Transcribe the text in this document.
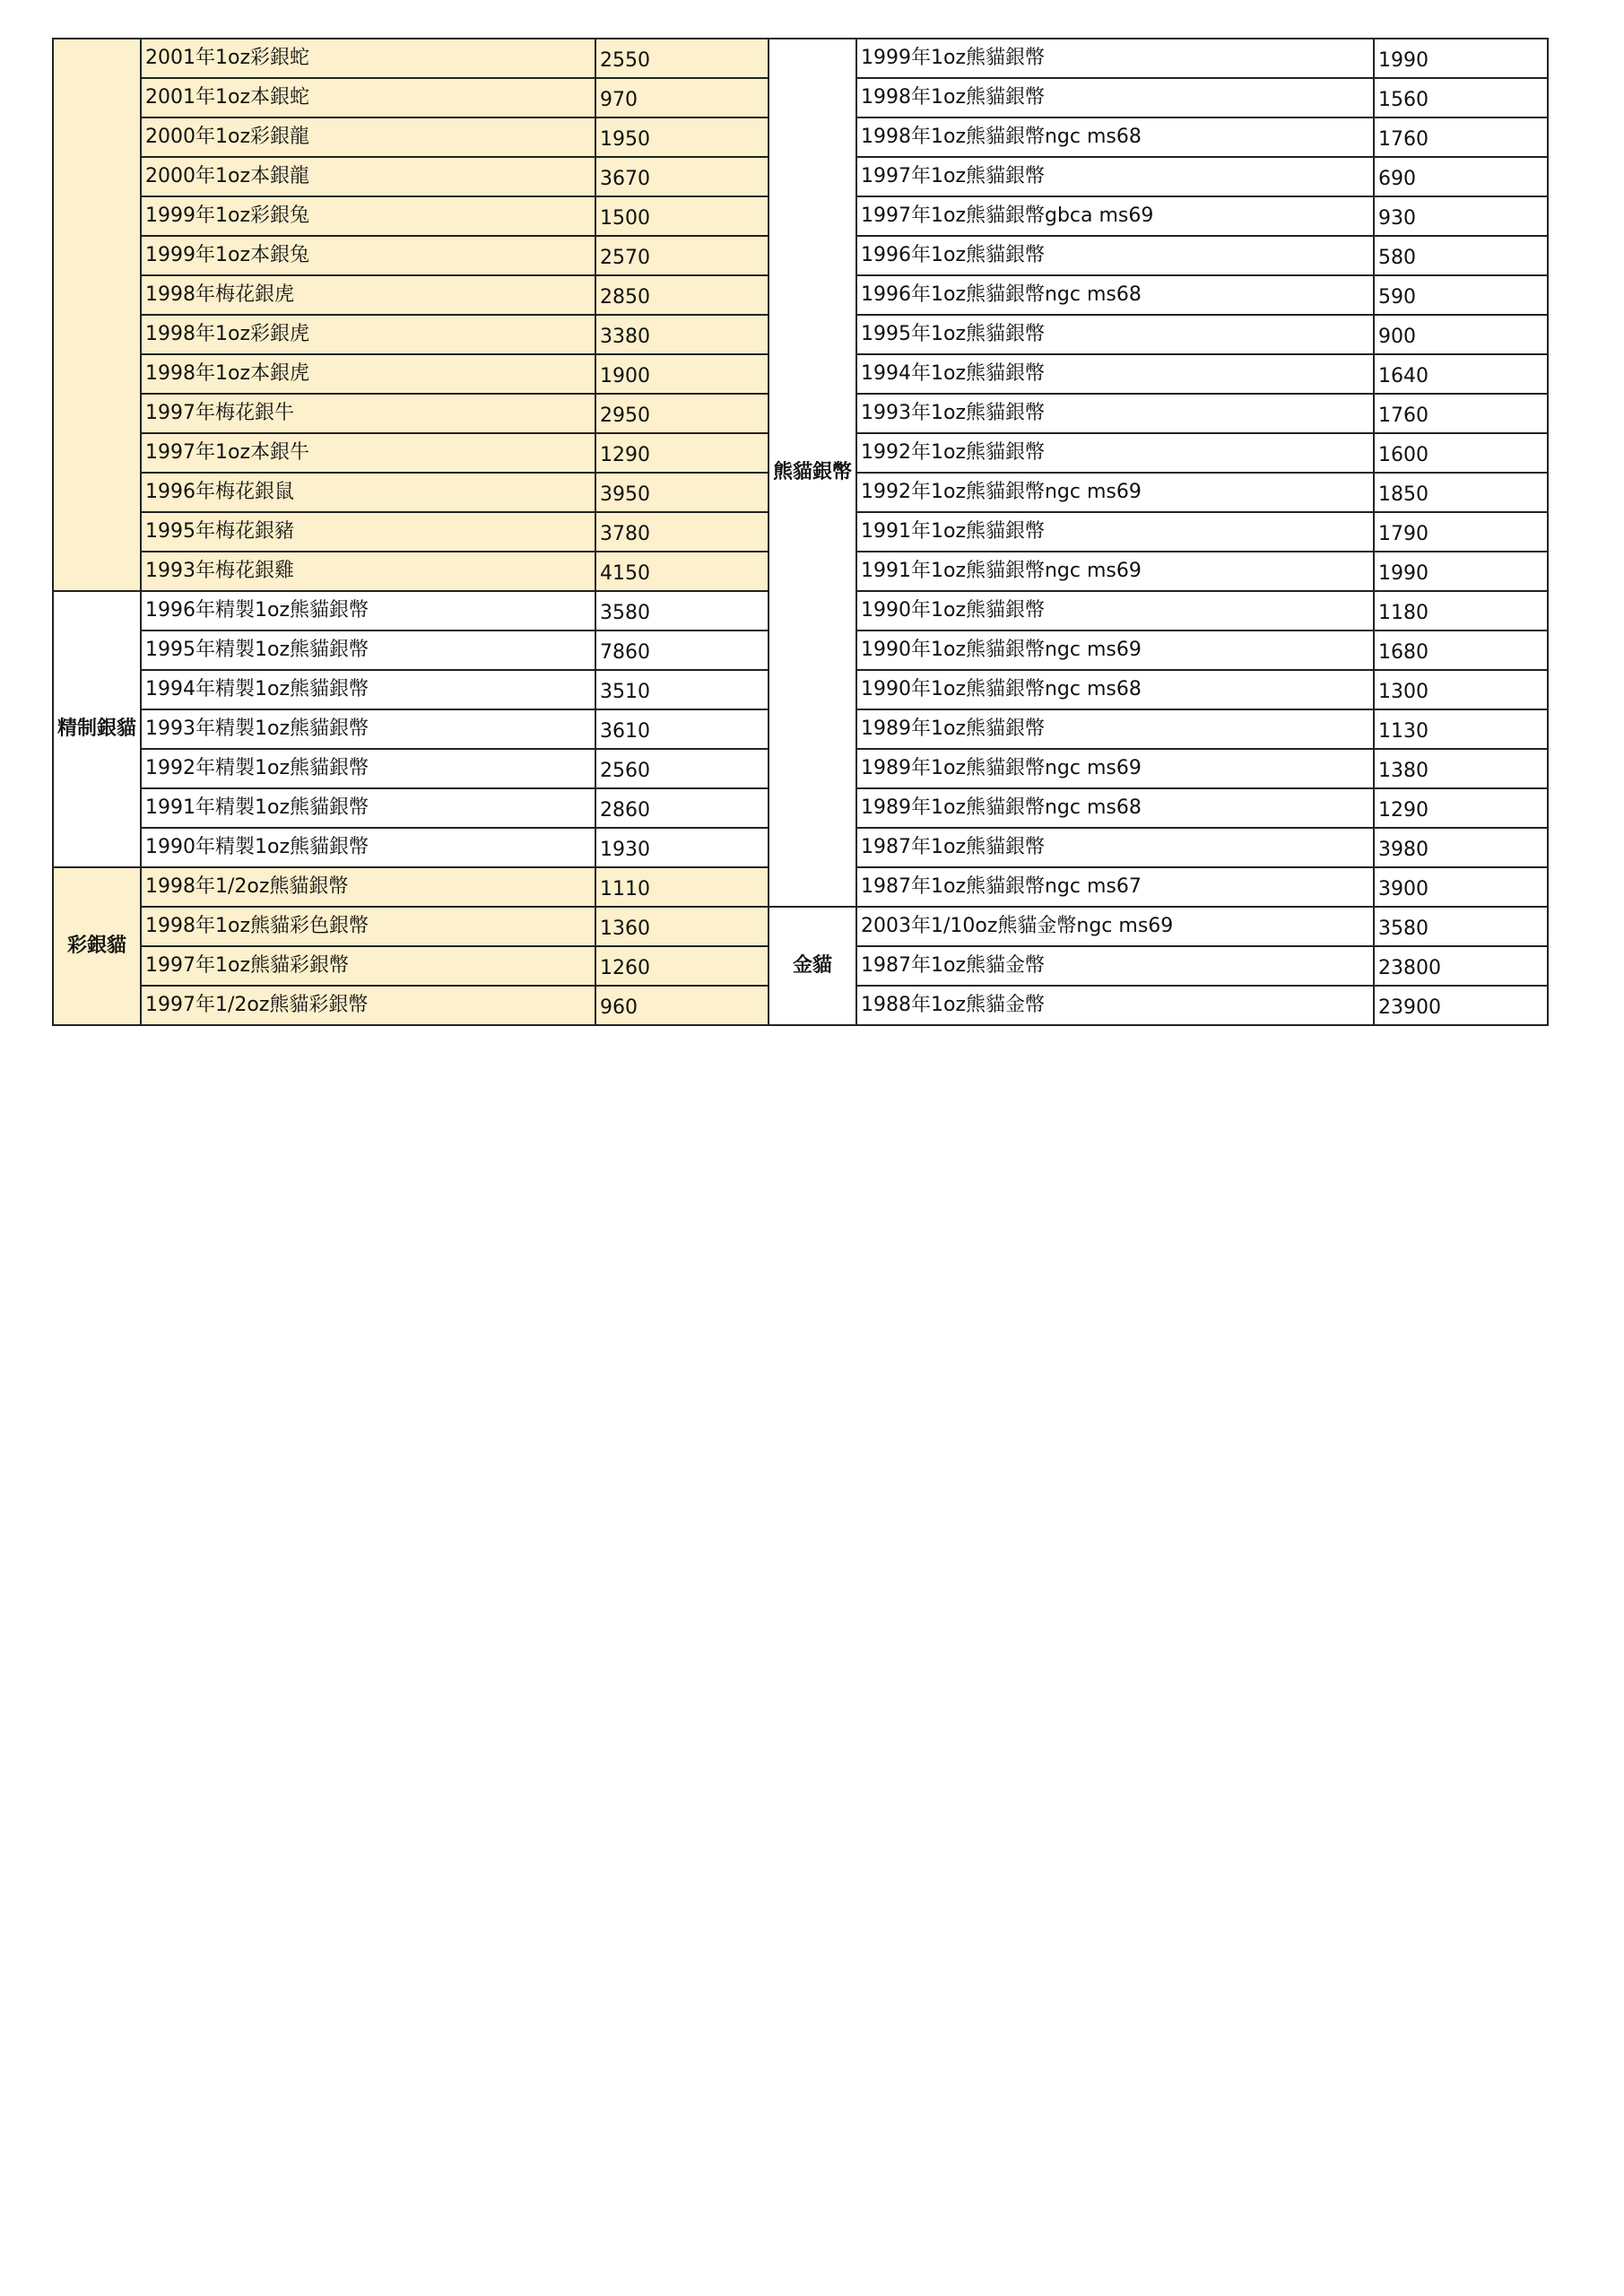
	2001年1oz彩銀蛇	2550
	2001年1oz本銀蛇	970
	2000年1oz彩銀龍	1950
	2000年1oz本銀龍	3670
	1999年1oz彩銀兔	1500
	1999年1oz本銀兔	2570
	1998年梅花銀虎	2850
	1998年1oz彩銀虎	3380
	1998年1oz本銀虎	1900
	1997年梅花銀牛	2950
	1997年1oz本銀牛	1290
	1996年梅花銀鼠	3950
	1995年梅花銀豬	3780
	1993年梅花銀雞	4150
精制銀貓	1996年精製1oz熊貓銀幣	3580
	1995年精製1oz熊貓銀幣	7860
	1994年精製1oz熊貓銀幣	3510
	1993年精製1oz熊貓銀幣	3610
	1992年精製1oz熊貓銀幣	2560
	1991年精製1oz熊貓銀幣	2860
	1990年精製1oz熊貓銀幣	1930
彩銀貓	1998年1/2oz熊貓銀幣	1110
	1998年1oz熊貓彩色銀幣	1360
	1997年1oz熊貓彩銀幣	1260
	1997年1/2oz熊貓彩銀幣	960
熊貓銀幣	1999年1oz熊貓銀幣	1990
	1998年1oz熊貓銀幣	1560
	1998年1oz熊貓銀幣ngc ms68	1760
	1997年1oz熊貓銀幣	690
	1997年1oz熊貓銀幣gbca ms69	930
	1996年1oz熊貓銀幣	580
	1996年1oz熊貓銀幣ngc ms68	590
	1995年1oz熊貓銀幣	900
	1994年1oz熊貓銀幣	1640
	1993年1oz熊貓銀幣	1760
	1992年1oz熊貓銀幣	1600
	1992年1oz熊貓銀幣ngc ms69	1850
	1991年1oz熊貓銀幣	1790
	1991年1oz熊貓銀幣ngc ms69	1990
	1990年1oz熊貓銀幣	1180
	1990年1oz熊貓銀幣ngc ms69	1680
	1990年1oz熊貓銀幣ngc ms68	1300
	1989年1oz熊貓銀幣	1130
	1989年1oz熊貓銀幣ngc ms69	1380
	1989年1oz熊貓銀幣ngc ms68	1290
	1987年1oz熊貓銀幣	3980
	1987年1oz熊貓銀幣ngc ms67	3900
金貓	2003年1/10oz熊貓金幣ngc ms69	3580
	1987年1oz熊貓金幣	23800
	1988年1oz熊貓金幣	23900
